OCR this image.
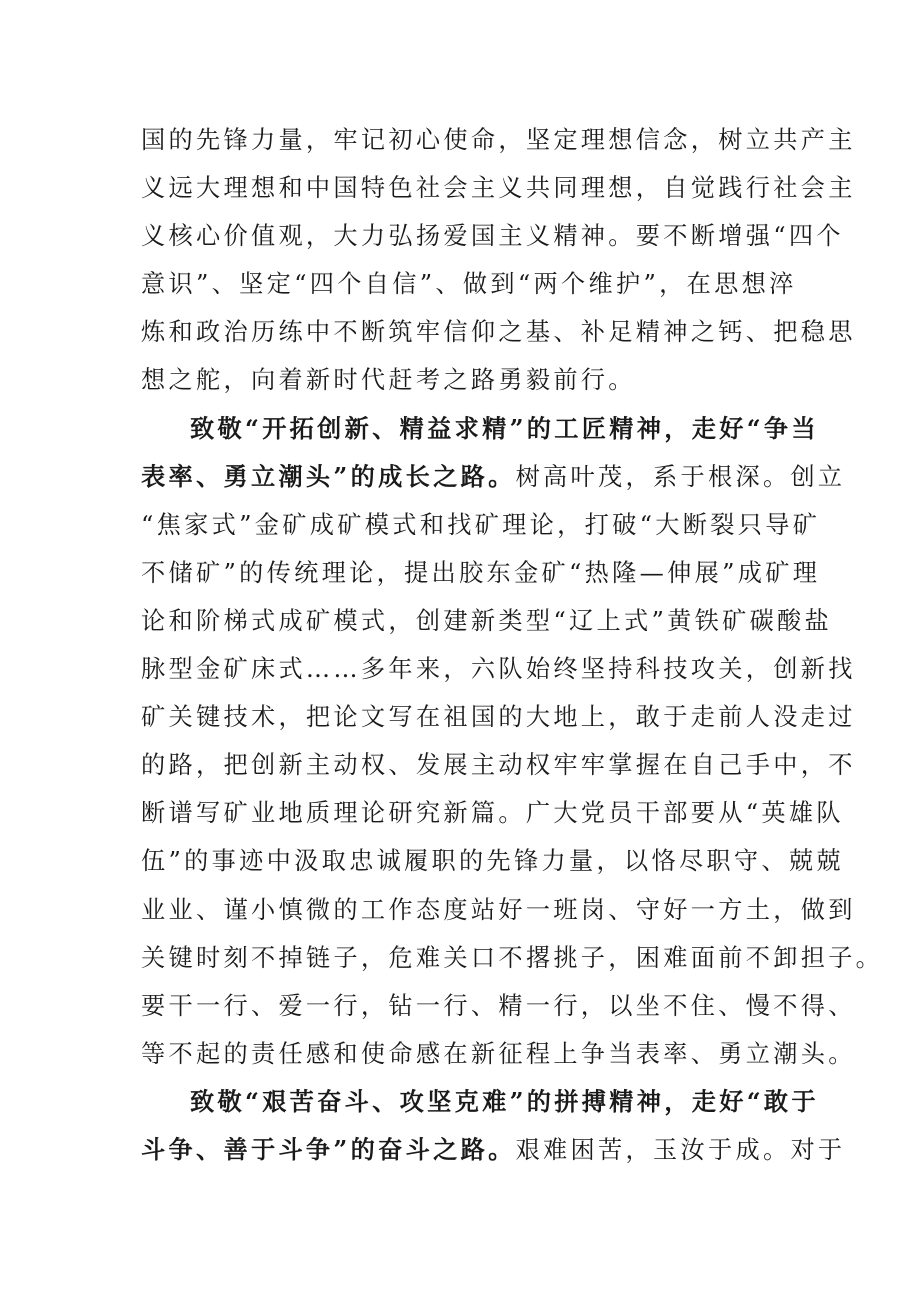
国的先锋力量，牢记初心使命，坚定理想信念，树立共产主
义远大理想和中国特色社会主义共同理想，自觉践行社会主
义核心价值观，大力弘扬爱国主义精神。要不断增强“四个
意识”、坚定“四个自信”、做到“两个维护”，在思想淬
炼和政治历练中不断筑牢信仰之基、补足精神之钙、把稳思
想之舵，向着新时代赶考之路勇毅前行。
致敬“开拓创新、精益求精”的工匠精神，走好“争当
表率、勇立潮头”的成长之路。树高叶茂，系于根深。创立
“焦家式”金矿成矿模式和找矿理论，打破“大断裂只导矿
不储矿”的传统理论，提出胶东金矿“热隆—伸展”成矿理
论和阶梯式成矿模式，创建新类型“辽上式”黄铁矿碳酸盐
脉型金矿床式……多年来，六队始终坚持科技攻关，创新找
矿关键技术，把论文写在祖国的大地上，敢于走前人没走过
的路，把创新主动权、发展主动权牢牢掌握在自己手中，不
断谱写矿业地质理论研究新篇。广大党员干部要从“英雄队
伍”的事迹中汲取忠诚履职的先锋力量，以恪尽职守、兢兢
业业、谨小慎微的工作态度站好一班岗、守好一方土，做到
关键时刻不掉链子，危难关口不撂挑子，困难面前不卸担子。
要干一行、爱一行，钻一行、精一行，以坐不住、慢不得、
等不起的责任感和使命感在新征程上争当表率、勇立潮头。
致敬“艰苦奋斗、攻坚克难”的拼搏精神，走好“敢于
斗争、善于斗争”的奋斗之路。艰难困苦，玉汝于成。对于
